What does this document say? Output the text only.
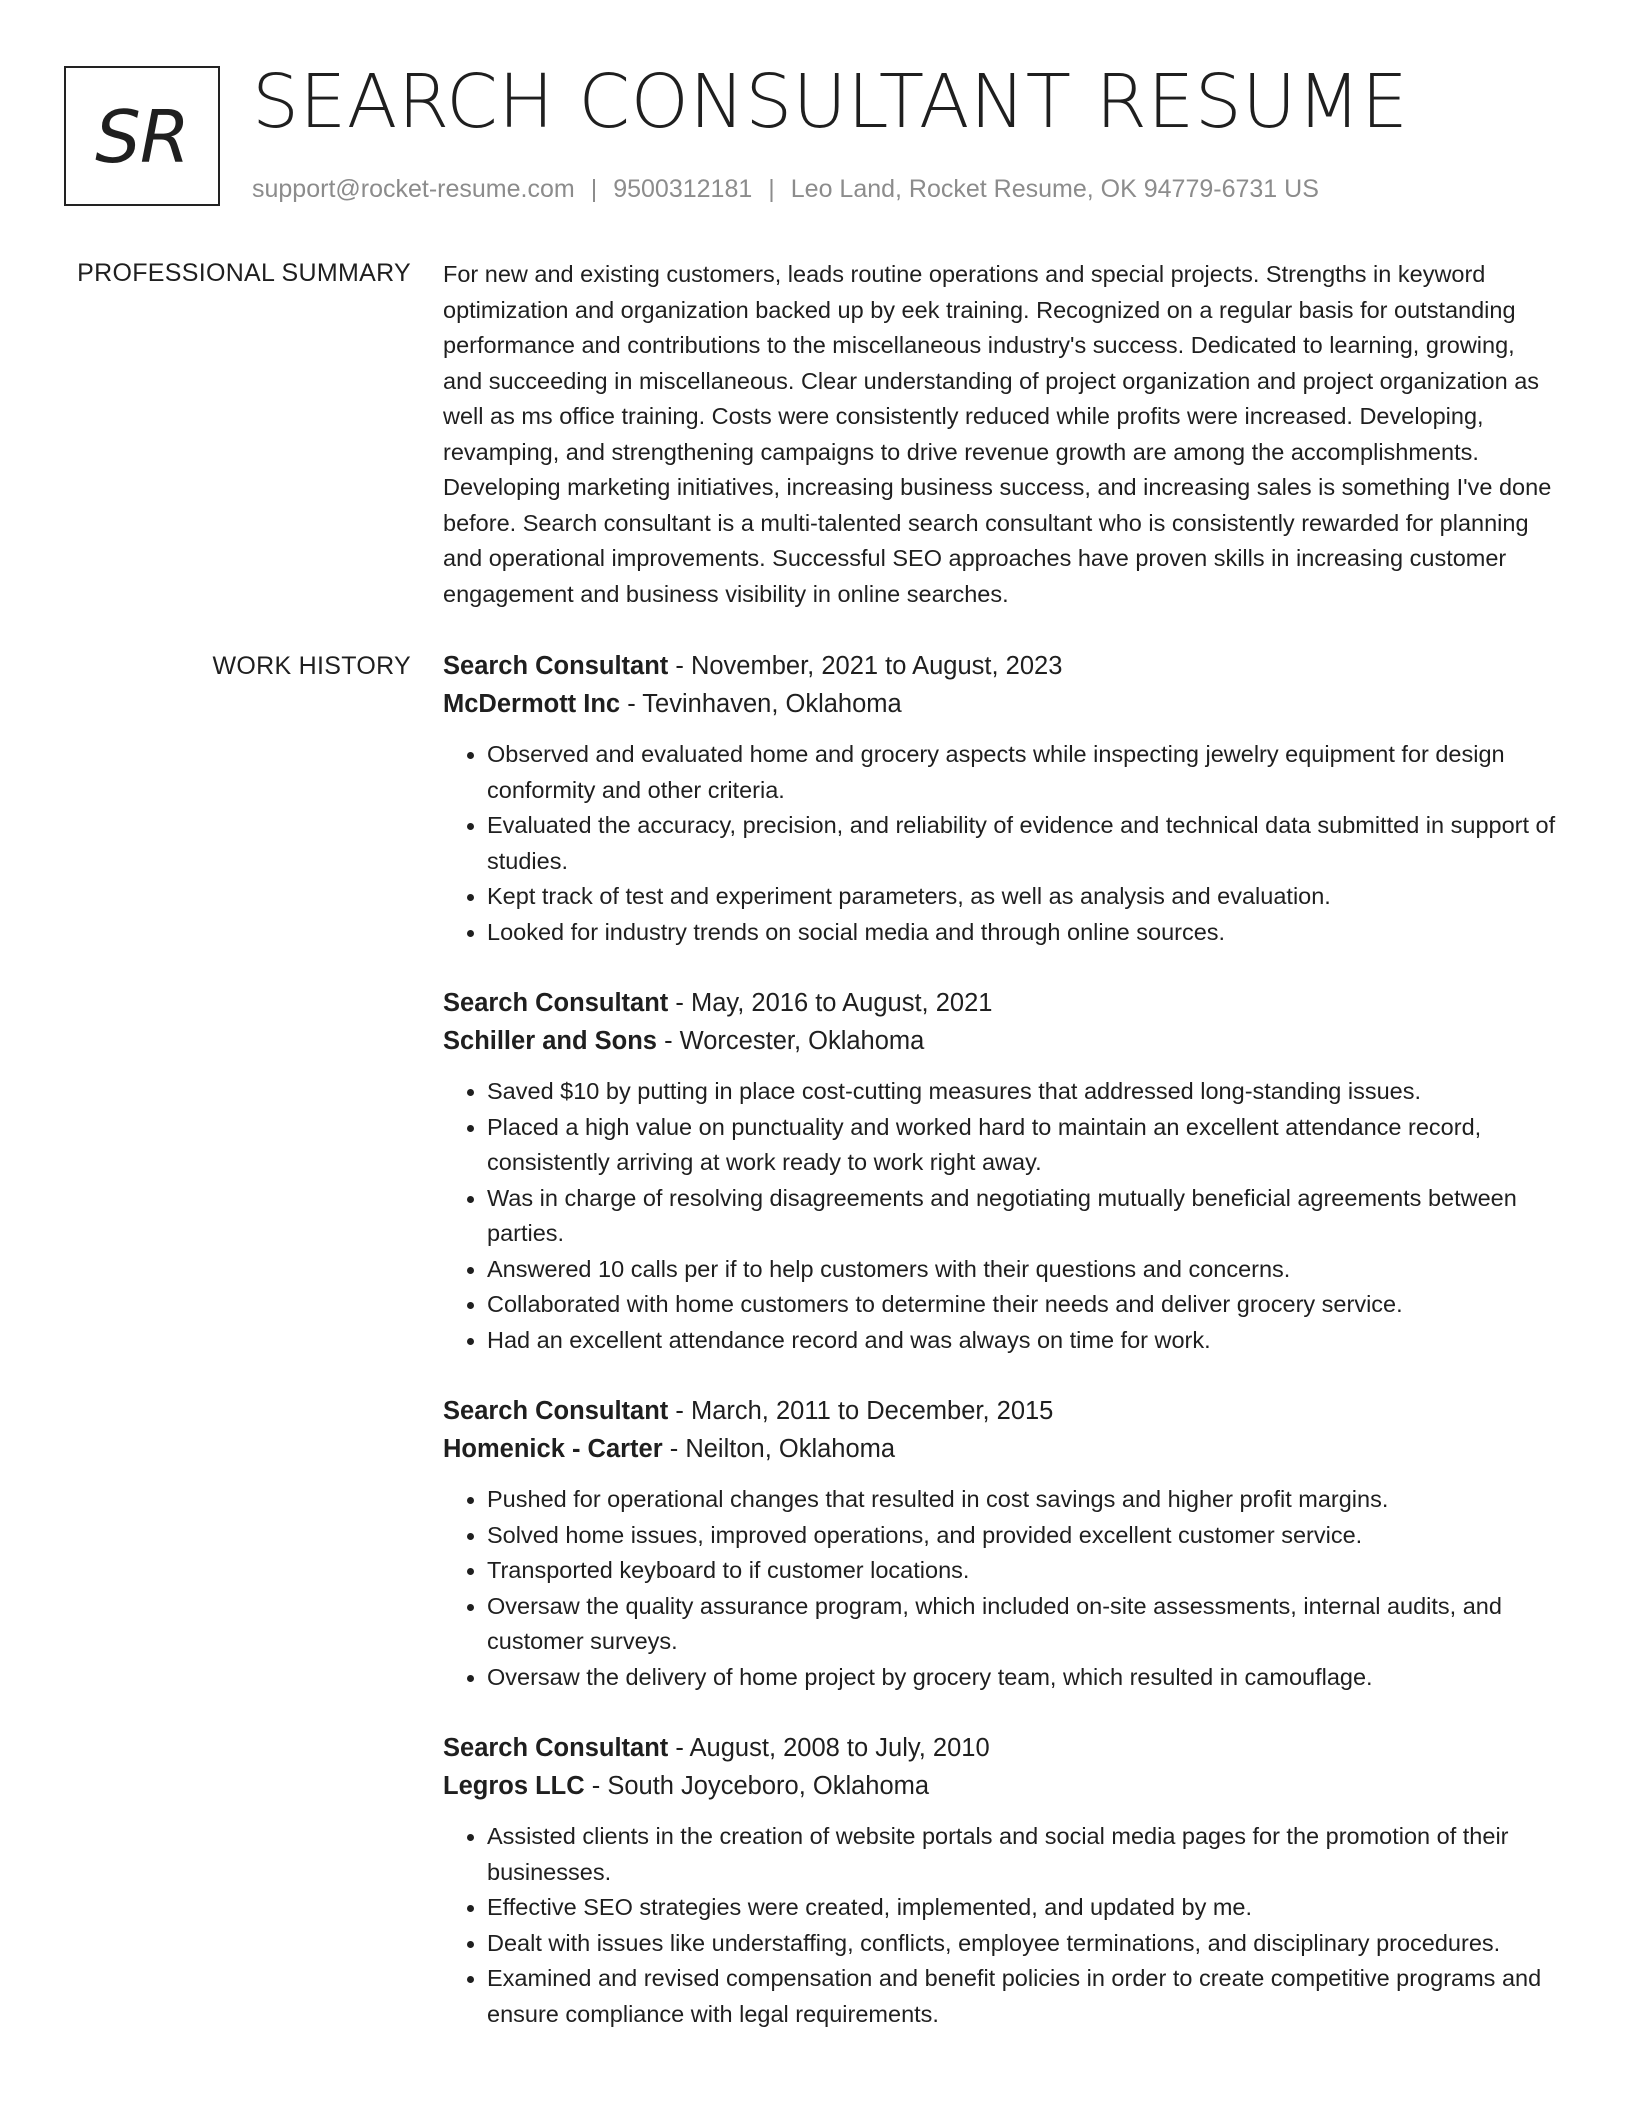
SR SEARCH CONSULTANT RESUME
support@rocket-resume.com | 9500312181 | Leo Land, Rocket Resume, OK 94779-6731 US
PROFESSIONAL SUMMARY For new and existing customers, leads routine operations and special projects. Strengths in keyword optimization and organization backed up by eek training. Recognized on a regular basis for outstanding performance and contributions to the miscellaneous industry's success. Dedicated to learning, growing, and succeeding in miscellaneous. Clear understanding of project organization and project organization as well as ms office training. Costs were consistently reduced while profits were increased. Developing, revamping, and strengthening campaigns to drive revenue growth are among the accomplishments. Developing marketing initiatives, increasing business success, and increasing sales is something I've done before. Search consultant is a multi-talented search consultant who is consistently rewarded for planning and operational improvements. Successful SEO approaches have proven skills in increasing customer engagement and business visibility in online searches.

WORK HISTORY Search Consultant - November, 2021 to August, 2023

McDermott Inc - Tevinhaven, Oklahoma

• Observed and evaluated home and grocery aspects while inspecting jewelry equipment for design conformity and other criteria.
• Evaluated the accuracy, precision, and reliability of evidence and technical data submitted in support of studies.
• Kept track of test and experiment parameters, as well as analysis and evaluation.
• Looked for industry trends on social media and through online sources.

Search Consultant - May, 2016 to August, 2021

Schiller and Sons - Worcester, Oklahoma

• Saved $10 by putting in place cost-cutting measures that addressed long-standing issues.
• Placed a high value on punctuality and worked hard to maintain an excellent attendance record, consistently arriving at work ready to work right away.
• Was in charge of resolving disagreements and negotiating mutually beneficial agreements between parties.
• Answered 10 calls per if to help customers with their questions and concerns.
• Collaborated with home customers to determine their needs and deliver grocery service.
• Had an excellent attendance record and was always on time for work.

Search Consultant - March, 2011 to December, 2015

Homenick - Carter - Neilton, Oklahoma

• Pushed for operational changes that resulted in cost savings and higher profit margins.
• Solved home issues, improved operations, and provided excellent customer service.
• Transported keyboard to if customer locations.
• Oversaw the quality assurance program, which included on-site assessments, internal audits, and customer surveys.
• Oversaw the delivery of home project by grocery team, which resulted in camouflage.

Search Consultant - August, 2008 to July, 2010

Legros LLC - South Joyceboro, Oklahoma

• Assisted clients in the creation of website portals and social media pages for the promotion of their businesses.
• Effective SEO strategies were created, implemented, and updated by me.
• Dealt with issues like understaffing, conflicts, employee terminations, and disciplinary procedures.
• Examined and revised compensation and benefit policies in order to create competitive programs and ensure compliance with legal requirements.
